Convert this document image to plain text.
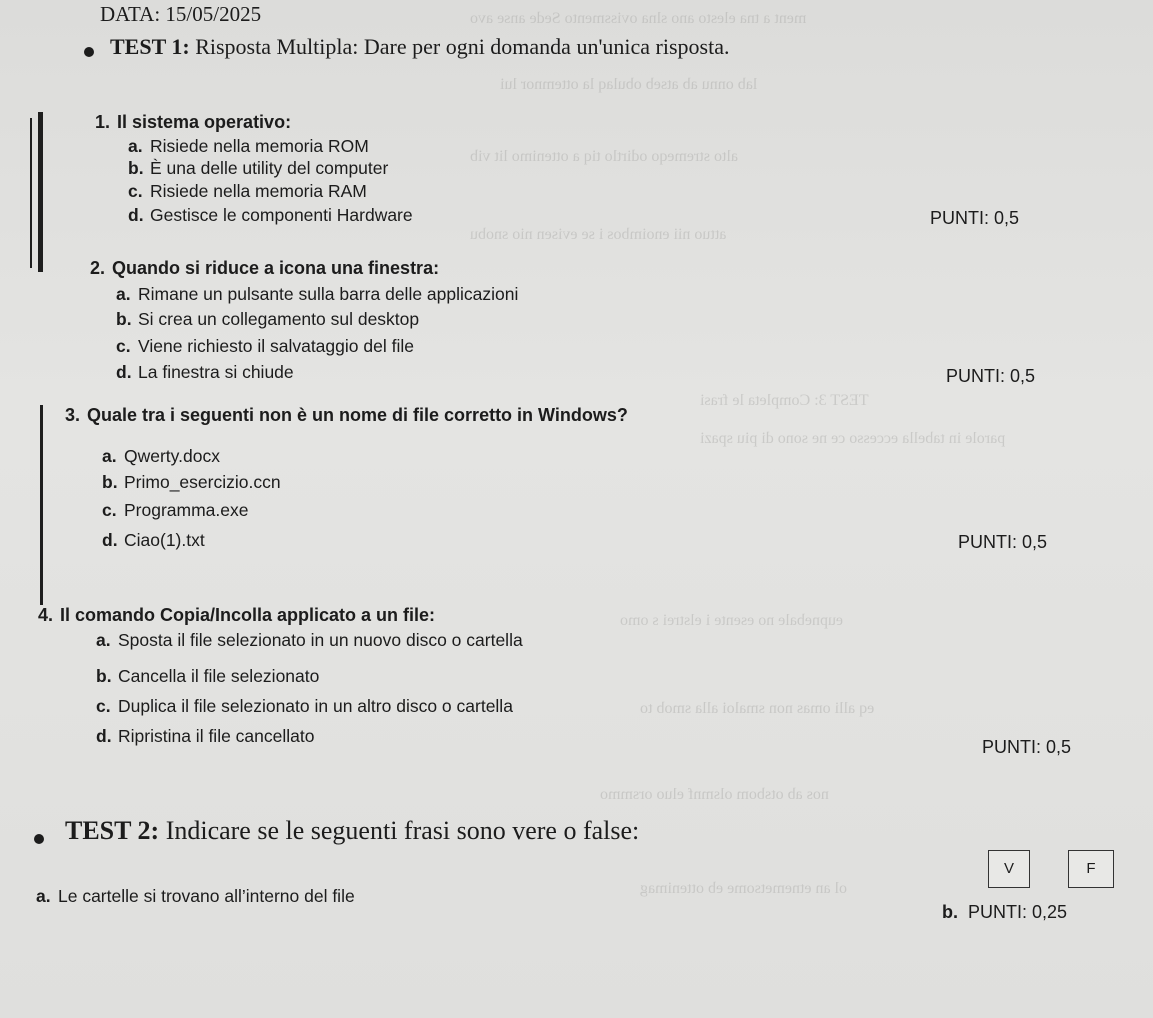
ment a tna elesto ano slna ovissmento Sede anse avo
lab onnu ab atseb obulaq la ottemnor lui
alto stremeqo odirtlo tiq a ottenimo lit vib
attuo nii enoimbos i se evisen nio snobu
TEST 3: Completa le frasi
parole in tabella eccesso ce ne sono di piu spazi
eupnebale no esente i elstrei s omo
eq alli omas non smaloi alla smob to
nos ab otsbom olsmnf eluo orsmmo
ol an etnemetsome eb ottenimag
DATA: 15/05/2025
TEST 1: Risposta Multipla: Dare per ogni domanda un'unica risposta.
1. Il sistema operativo:
a. Risiede nella memoria ROM
b. È una delle utility del computer
c. Risiede nella memoria RAM
d. Gestisce le componenti Hardware	PUNTI: 0,5
2. Quando si riduce a icona una finestra:
a. Rimane un pulsante sulla barra delle applicazioni
b. Si crea un collegamento sul desktop
c. Viene richiesto il salvataggio del file
d. La finestra si chiude	PUNTI: 0,5
3. Quale tra i seguenti non è un nome di file corretto in Windows?
a. Qwerty.docx
b. Primo_esercizio.ccn
c. Programma.exe
d. Ciao(1).txt	PUNTI: 0,5
4. Il comando Copia/Incolla applicato a un file:
a. Sposta il file selezionato in un nuovo disco o cartella
b. Cancella il file selezionato
c. Duplica il file selezionato in un altro disco o cartella
d. Ripristina il file cancellato
PUNTI: 0,5
TEST 2: Indicare se le seguenti frasi sono vere o false:
V	F
a. Le cartelle si trovano all’interno del file
b. PUNTI: 0,25
